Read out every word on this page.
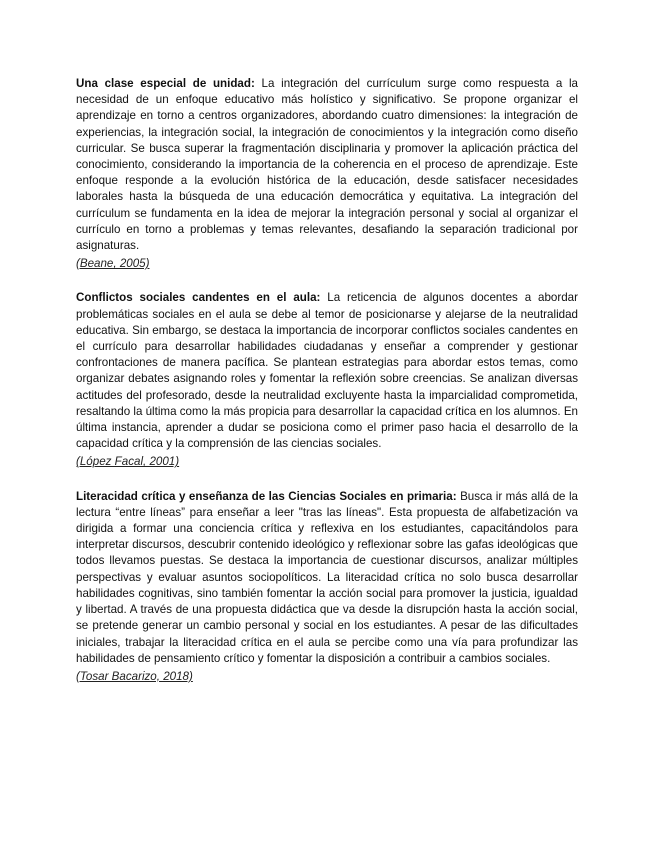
Una clase especial de unidad: La integración del currículum surge como respuesta a la necesidad de un enfoque educativo más holístico y significativo. Se propone organizar el aprendizaje en torno a centros organizadores, abordando cuatro dimensiones: la integración de experiencias, la integración social, la integración de conocimientos y la integración como diseño curricular. Se busca superar la fragmentación disciplinaria y promover la aplicación práctica del conocimiento, considerando la importancia de la coherencia en el proceso de aprendizaje. Este enfoque responde a la evolución histórica de la educación, desde satisfacer necesidades laborales hasta la búsqueda de una educación democrática y equitativa. La integración del currículum se fundamenta en la idea de mejorar la integración personal y social al organizar el currículo en torno a problemas y temas relevantes, desafiando la separación tradicional por asignaturas.

(Beane, 2005)

Conflictos sociales candentes en el aula: La reticencia de algunos docentes a abordar problemáticas sociales en el aula se debe al temor de posicionarse y alejarse de la neutralidad educativa. Sin embargo, se destaca la importancia de incorporar conflictos sociales candentes en el currículo para desarrollar habilidades ciudadanas y enseñar a comprender y gestionar confrontaciones de manera pacífica. Se plantean estrategias para abordar estos temas, como organizar debates asignando roles y fomentar la reflexión sobre creencias. Se analizan diversas actitudes del profesorado, desde la neutralidad excluyente hasta la imparcialidad comprometida, resaltando la última como la más propicia para desarrollar la capacidad crítica en los alumnos. En última instancia, aprender a dudar se posiciona como el primer paso hacia el desarrollo de la capacidad crítica y la comprensión de las ciencias sociales.

(López Facal, 2001)

Literacidad crítica y enseñanza de las Ciencias Sociales en primaria: Busca ir más allá de la lectura “entre líneas” para enseñar a leer "tras las líneas". Esta propuesta de alfabetización va dirigida a formar una conciencia crítica y reflexiva en los estudiantes, capacitándolos para interpretar discursos, descubrir contenido ideológico y reflexionar sobre las gafas ideológicas que todos llevamos puestas. Se destaca la importancia de cuestionar discursos, analizar múltiples perspectivas y evaluar asuntos sociopolíticos. La literacidad crítica no solo busca desarrollar habilidades cognitivas, sino también fomentar la acción social para promover la justicia, igualdad y libertad. A través de una propuesta didáctica que va desde la disrupción hasta la acción social, se pretende generar un cambio personal y social en los estudiantes. A pesar de las dificultades iniciales, trabajar la literacidad crítica en el aula se percibe como una vía para profundizar las habilidades de pensamiento crítico y fomentar la disposición a contribuir a cambios sociales.

(Tosar Bacarizo, 2018)
